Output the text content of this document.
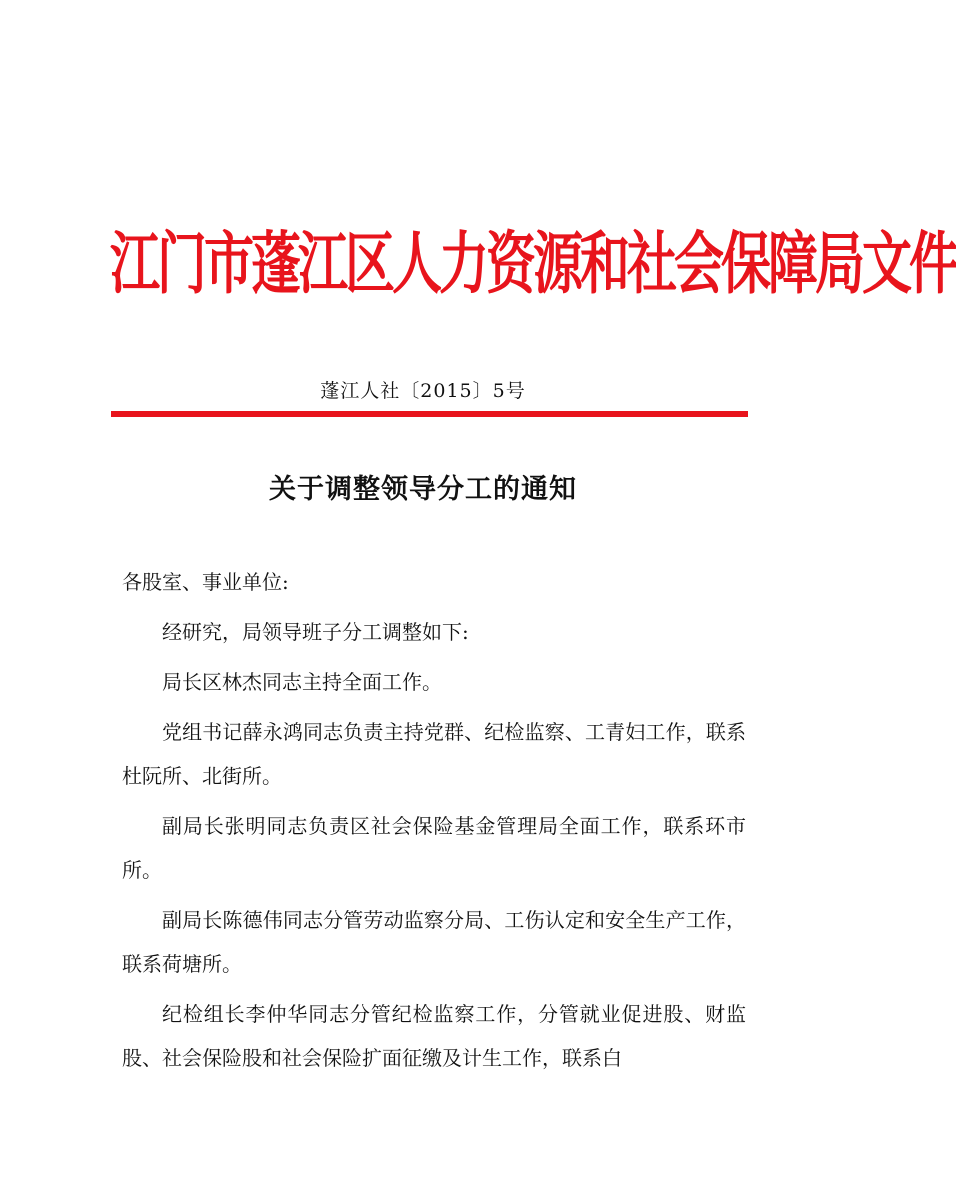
江门市蓬江区人力资源和社会保障局文件
蓬江人社〔2015〕5号
关于调整领导分工的通知

各股室、事业单位:

经研究，局领导班子分工调整如下:

局长区林杰同志主持全面工作。

党组书记薛永鸿同志负责主持党群、纪检监察、工青妇工作，联系杜阮所、北街所。

副局长张明同志负责区社会保险基金管理局全面工作，联系环市所。

副局长陈德伟同志分管劳动监察分局、工伤认定和安全生产工作，联系荷塘所。

纪检组长李仲华同志分管纪检监察工作，分管就业促进股、财监股、社会保险股和社会保险扩面征缴及计生工作，联系白
